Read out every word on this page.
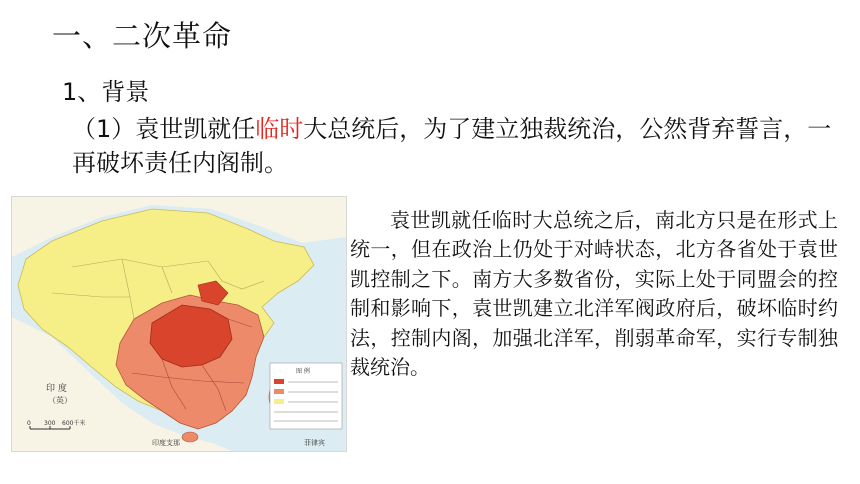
一、二次革命
1、背景
（1）袁世凯就任临时大总统后，为了建立独裁统治，公然背弃誓言，一再破坏责任内阁制。
印 度
（英）
印度支那	菲律宾
0 300 600千米
图 例
袁世凯就任临时大总统之后，南北方只是在形式上统一，但在政治上仍处于对峙状态，北方各省处于袁世凯控制之下。南方大多数省份，实际上处于同盟会的控制和影响下，袁世凯建立北洋军阀政府后，破坏临时约法，控制内阁，加强北洋军，削弱革命军，实行专制独裁统治。
